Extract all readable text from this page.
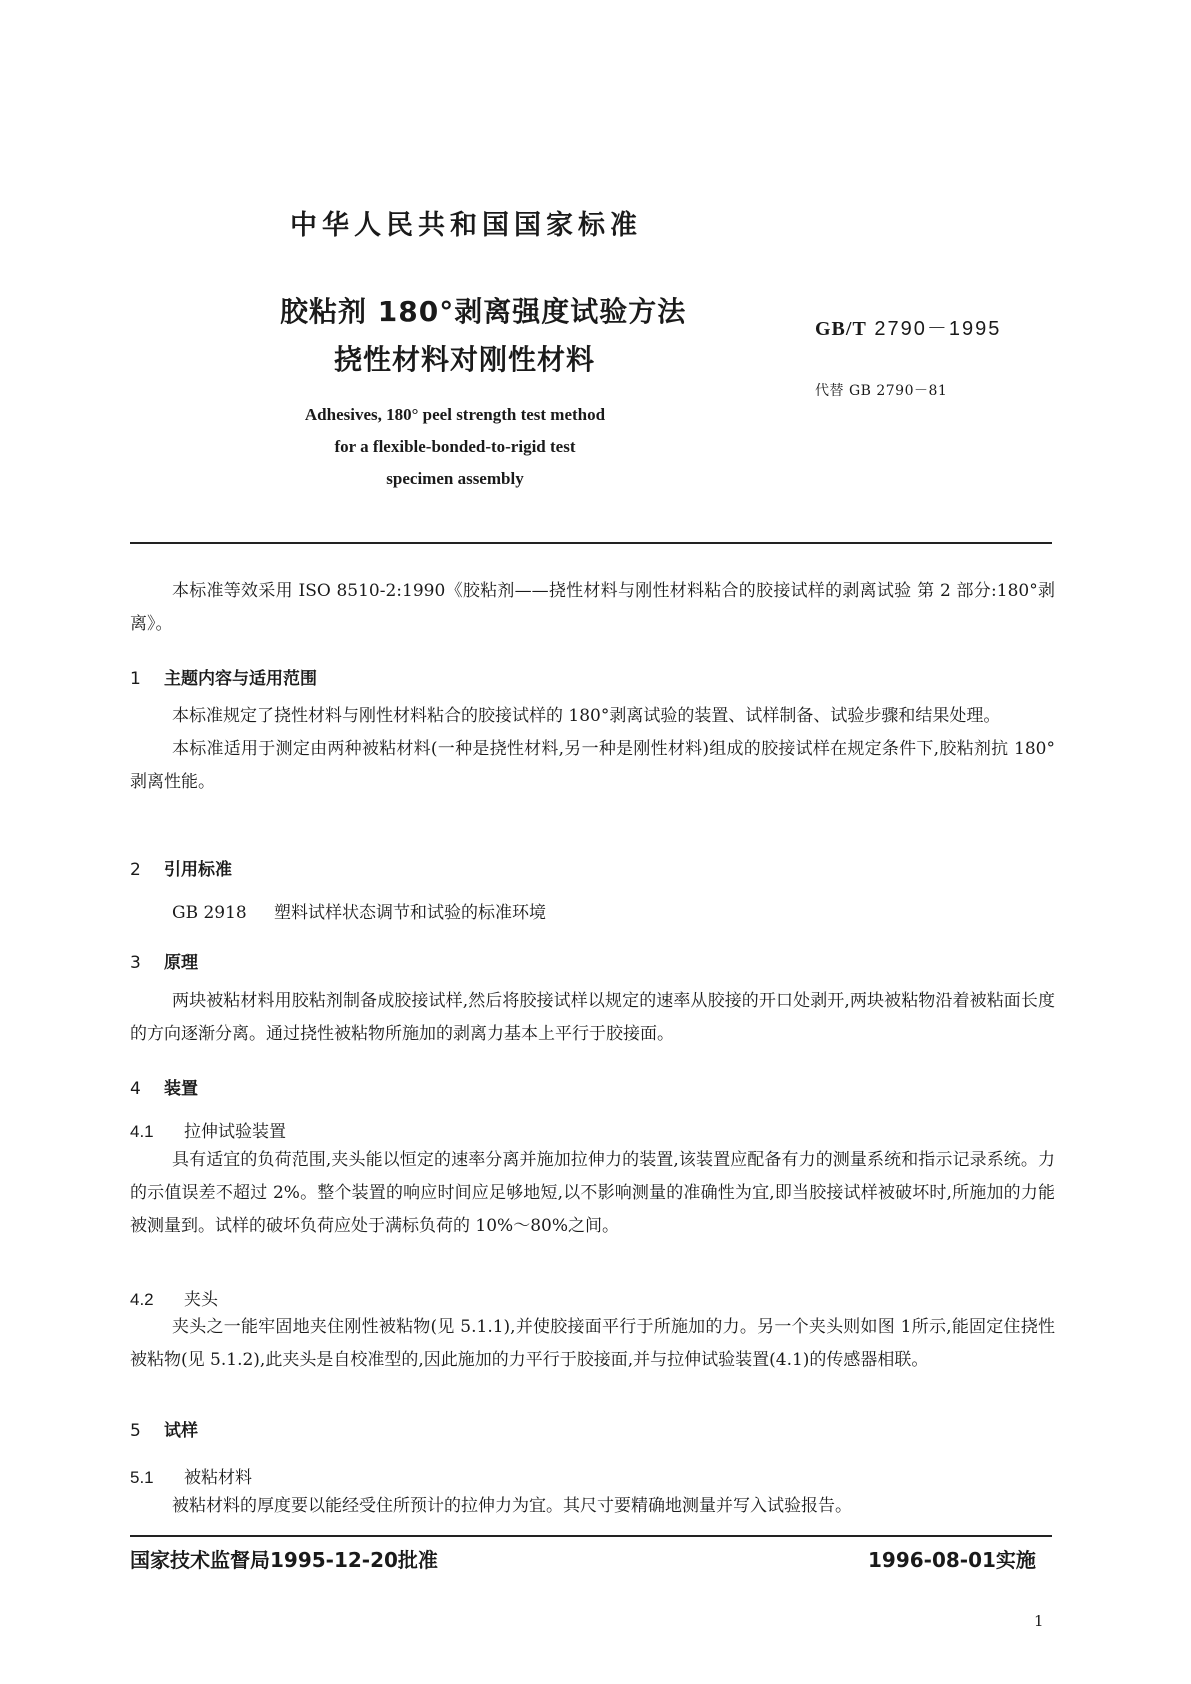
中华人民共和国国家标准
胶粘剂 180°剥离强度试验方法
挠性材料对刚性材料
GB/T 2790－1995
代替 GB 2790－81
Adhesives, 180° peel strength test method
for a flexible-bonded-to-rigid test
specimen assembly

本标准等效采用 ISO 8510-2:1990《胶粘剂——挠性材料与刚性材料粘合的胶接试样的剥离试验 第 2 部分:180°剥离》。

1 主题内容与适用范围

本标准规定了挠性材料与刚性材料粘合的胶接试样的 180°剥离试验的装置、试样制备、试验步骤和结果处理。

本标准适用于测定由两种被粘材料(一种是挠性材料,另一种是刚性材料)组成的胶接试样在规定条件下,胶粘剂抗 180°剥离性能。

2 引用标准
GB 2918 塑料试样状态调节和试验的标准环境
3 原理

两块被粘材料用胶粘剂制备成胶接试样,然后将胶接试样以规定的速率从胶接的开口处剥开,两块被粘物沿着被粘面长度的方向逐渐分离。通过挠性被粘物所施加的剥离力基本上平行于胶接面。

4 装置
4.1 拉伸试验装置

具有适宜的负荷范围,夹头能以恒定的速率分离并施加拉伸力的装置,该装置应配备有力的测量系统和指示记录系统。力的示值误差不超过 2%。整个装置的响应时间应足够地短,以不影响测量的准确性为宜,即当胶接试样被破坏时,所施加的力能被测量到。试样的破坏负荷应处于满标负荷的 10%～80%之间。

4.2 夹头

夹头之一能牢固地夹住刚性被粘物(见 5.1.1),并使胶接面平行于所施加的力。另一个夹头则如图 1所示,能固定住挠性被粘物(见 5.1.2),此夹头是自校准型的,因此施加的力平行于胶接面,并与拉伸试验装置(4.1)的传感器相联。

5 试样
5.1 被粘材料

被粘材料的厚度要以能经受住所预计的拉伸力为宜。其尺寸要精确地测量并写入试验报告。

国家技术监督局1995-12-20批准	1996-08-01实施
1
